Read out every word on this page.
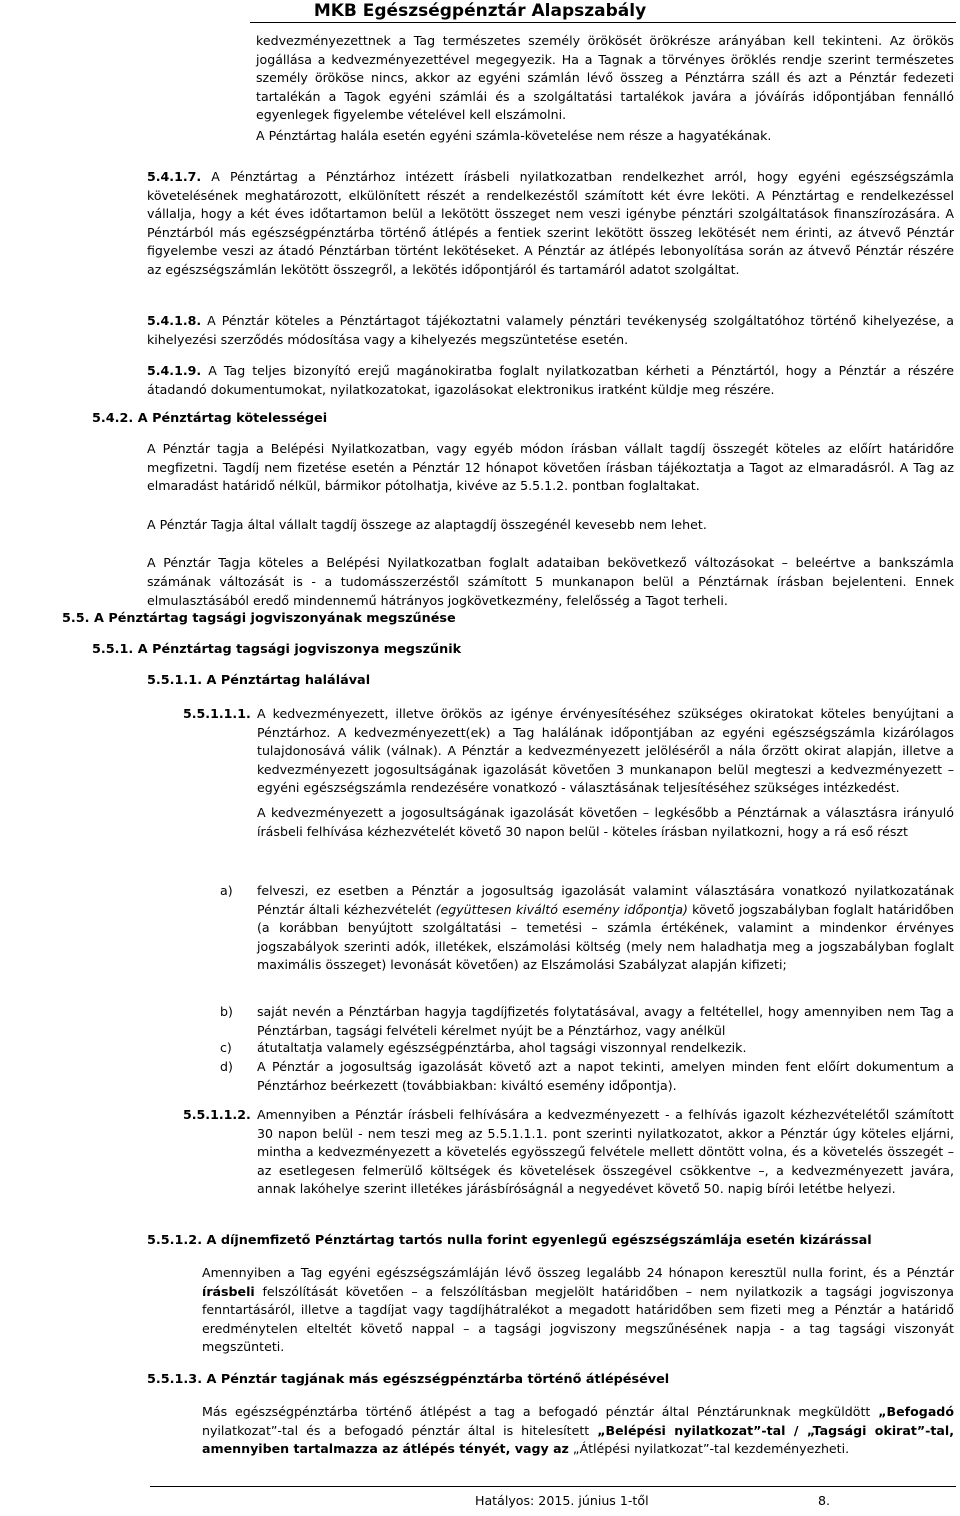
MKB Egészségpénztár Alapszabály

kedvezményezettnek a Tag természetes személy örökösét örökrésze arányában kell tekinteni. Az örökös jogállása a kedvezményezettével megegyezik. Ha a Tagnak a törvényes öröklés rendje szerint természetes személy örököse nincs, akkor az egyéni számlán lévő összeg a Pénztárra száll és azt a Pénztár fedezeti tartalékán a Tagok egyéni számlái és a szolgáltatási tartalékok javára a jóváírás időpontjában fennálló egyenlegek figyelembe vételével kell elszámolni.

A Pénztártag halála esetén egyéni számla-követelése nem része a hagyatékának.

5.4.1.7. A Pénztártag a Pénztárhoz intézett írásbeli nyilatkozatban rendelkezhet arról, hogy egyéni egészségszámla követelésének meghatározott, elkülönített részét a rendelkezéstől számított két évre leköti. A Pénztártag e rendelkezéssel vállalja, hogy a két éves időtartamon belül a lekötött összeget nem veszi igénybe pénztári szolgáltatások finanszírozására. A Pénztárból más egészségpénztárba történő átlépés a fentiek szerint lekötött összeg lekötését nem érinti, az átvevő Pénztár figyelembe veszi az átadó Pénztárban történt lekötéseket. A Pénztár az átlépés lebonyolítása során az átvevő Pénztár részére az egészségszámlán lekötött összegről, a lekötés időpontjáról és tartamáról adatot szolgáltat.

5.4.1.8. A Pénztár köteles a Pénztártagot tájékoztatni valamely pénztári tevékenység szolgáltatóhoz történő kihelyezése, a kihelyezési szerződés módosítása vagy a kihelyezés megszüntetése esetén.

5.4.1.9. A Tag teljes bizonyító erejű magánokiratba foglalt nyilatkozatban kérheti a Pénztártól, hogy a Pénztár a részére átadandó dokumentumokat, nyilatkozatokat, igazolásokat elektronikus iratként küldje meg részére.

5.4.2. A Pénztártag kötelességei

A Pénztár tagja a Belépési Nyilatkozatban, vagy egyéb módon írásban vállalt tagdíj összegét köteles az előírt határidőre megfizetni. Tagdíj nem fizetése esetén a Pénztár 12 hónapot követően írásban tájékoztatja a Tagot az elmaradásról. A Tag az elmaradást határidő nélkül, bármikor pótolhatja, kivéve az 5.5.1.2. pontban foglaltakat.

A Pénztár Tagja által vállalt tagdíj összege az alaptagdíj összegénél kevesebb nem lehet.

A Pénztár Tagja köteles a Belépési Nyilatkozatban foglalt adataiban bekövetkező változásokat – beleértve a bankszámla számának változását is - a tudomásszerzéstől számított 5 munkanapon belül a Pénztárnak írásban bejelenteni. Ennek elmulasztásából eredő mindennemű hátrányos jogkövetkezmény, felelősség a Tagot terheli.

5.5. A Pénztártag tagsági jogviszonyának megszűnése
5.5.1. A Pénztártag tagsági jogviszonya megszűnik
5.5.1.1. A Pénztártag halálával

5.5.1.1.1. A kedvezményezett, illetve örökös az igénye érvényesítéséhez szükséges okiratokat köteles benyújtani a Pénztárhoz. A kedvezményezett(ek) a Tag halálának időpontjában az egyéni egészségszámla kizárólagos tulajdonosává válik (válnak). A Pénztár a kedvezményezett jelöléséről a nála őrzött okirat alapján, illetve a kedvezményezett jogosultságának igazolását követően 3 munkanapon belül megteszi a kedvezményezett – egyéni egészségszámla rendezésére vonatkozó - választásának teljesítéséhez szükséges intézkedést.

A kedvezményezett a jogosultságának igazolását követően – legkésőbb a Pénztárnak a választásra irányuló írásbeli felhívása kézhezvételét követő 30 napon belül - köteles írásban nyilatkozni, hogy a rá eső részt

a) felveszi, ez esetben a Pénztár a jogosultság igazolását valamint választására vonatkozó nyilatkozatának Pénztár általi kézhezvételét (együttesen kiváltó esemény időpontja) követő jogszabályban foglalt határidőben (a korábban benyújtott szolgáltatási – temetési – számla értékének, valamint a mindenkor érvényes jogszabályok szerinti adók, illetékek, elszámolási költség (mely nem haladhatja meg a jogszabályban foglalt maximális összeget) levonását követően) az Elszámolási Szabályzat alapján kifizeti;

b) saját nevén a Pénztárban hagyja tagdíjfizetés folytatásával, avagy a feltétellel, hogy amennyiben nem Tag a Pénztárban, tagsági felvételi kérelmet nyújt be a Pénztárhoz, vagy anélkül

c) átutaltatja valamely egészségpénztárba, ahol tagsági viszonnyal rendelkezik.

d) A Pénztár a jogosultság igazolását követő azt a napot tekinti, amelyen minden fent előírt dokumentum a Pénztárhoz beérkezett (továbbiakban: kiváltó esemény időpontja).

5.5.1.1.2. Amennyiben a Pénztár írásbeli felhívására a kedvezményezett - a felhívás igazolt kézhezvételétől számított 30 napon belül - nem teszi meg az 5.5.1.1.1. pont szerinti nyilatkozatot, akkor a Pénztár úgy köteles eljárni, mintha a kedvezményezett a követelés egyösszegű felvétele mellett döntött volna, és a követelés összegét – az esetlegesen felmerülő költségek és követelések összegével csökkentve –, a kedvezményezett javára, annak lakóhelye szerint illetékes járásbíróságnál a negyedévet követő 50. napig bírói letétbe helyezi.

5.5.1.2. A díjnemfizető Pénztártag tartós nulla forint egyenlegű egészségszámlája esetén kizárással

Amennyiben a Tag egyéni egészségszámláján lévő összeg legalább 24 hónapon keresztül nulla forint, és a Pénztár írásbeli felszólítását követően – a felszólításban megjelölt határidőben – nem nyilatkozik a tagsági jogviszonya fenntartásáról, illetve a tagdíjat vagy tagdíjhátralékot a megadott határidőben sem fizeti meg a Pénztár a határidő eredménytelen elteltét követő nappal – a tagsági jogviszony megszűnésének napja - a tag tagsági viszonyát megszünteti.

5.5.1.3. A Pénztár tagjának más egészségpénztárba történő átlépésével

Más egészségpénztárba történő átlépést a tag a befogadó pénztár által Pénztárunknak megküldött „Befogadó nyilatkozat”-tal és a befogadó pénztár által is hitelesített „Belépési nyilatkozat”-tal / „Tagsági okirat”-tal, amennyiben tartalmazza az átlépés tényét, vagy az „Átlépési nyilatkozat”-tal kezdeményezheti.

Hatályos: 2015. június 1-től	8.
